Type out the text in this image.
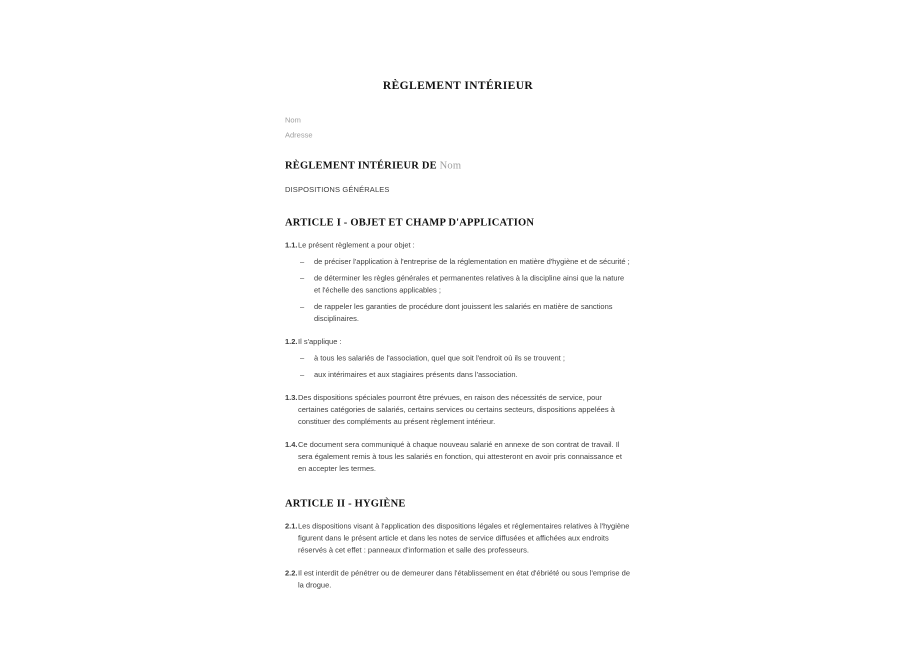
RÈGLEMENT INTÉRIEUR
Nom
Adresse
RÈGLEMENT INTÉRIEUR DE Nom
DISPOSITIONS GÉNÉRALES
ARTICLE I - OBJET ET CHAMP D'APPLICATION
1.1. Le présent règlement a pour objet :
– de préciser l'application à l'entreprise de la réglementation en matière d'hygiène et de sécurité ;
– de déterminer les règles générales et permanentes relatives à la discipline ainsi que la nature et l'échelle des sanctions applicables ;
– de rappeler les garanties de procédure dont jouissent les salariés en matière de sanctions disciplinaires.
1.2. Il s'applique :
– à tous les salariés de l'association, quel que soit l'endroit où ils se trouvent ;
– aux intérimaires et aux stagiaires présents dans l'association.
1.3. Des dispositions spéciales pourront être prévues, en raison des nécessités de service, pour certaines catégories de salariés, certains services ou certains secteurs, dispositions appelées à constituer des compléments au présent règlement intérieur.
1.4. Ce document sera communiqué à chaque nouveau salarié en annexe de son contrat de travail. Il sera également remis à tous les salariés en fonction, qui attesteront en avoir pris connaissance et en accepter les termes.
ARTICLE II - HYGIÈNE
2.1. Les dispositions visant à l'application des dispositions légales et réglementaires relatives à l'hygiène figurent dans le présent article et dans les notes de service diffusées et affichées aux endroits réservés à cet effet : panneaux d'information et salle des professeurs.
2.2. Il est interdit de pénétrer ou de demeurer dans l'établissement en état d'ébriété ou sous l'emprise de la drogue.
